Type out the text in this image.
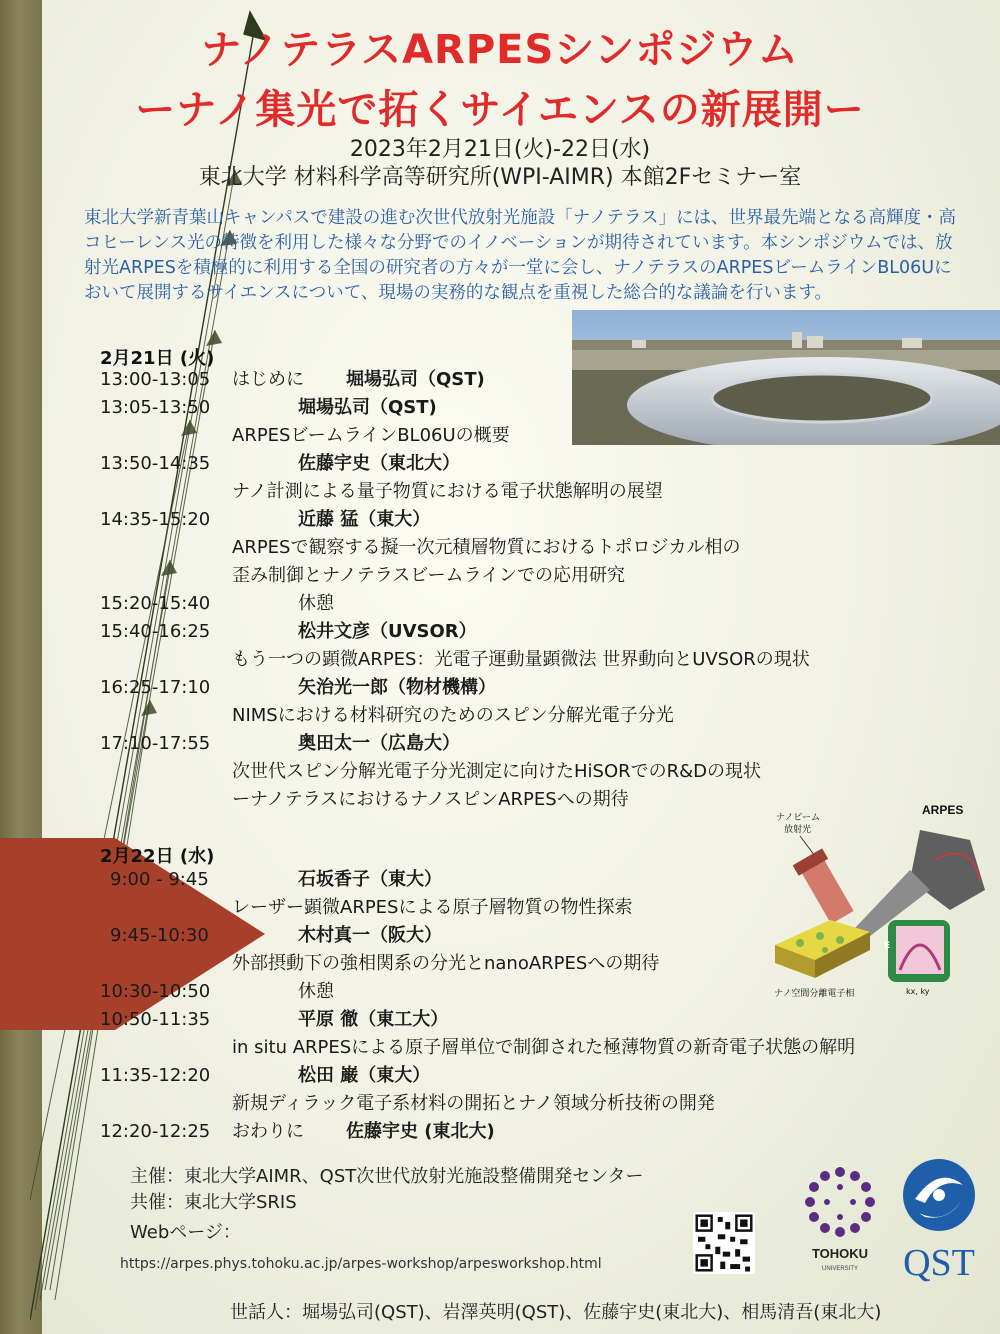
ナノテラスARPESシンポジウム
ーナノ集光で拓くサイエンスの新展開ー
2023年2月21日(火)-22日(水)
東北大学 材料科学高等研究所(WPI-AIMR) 本館2Fセミナー室
東北大学新青葉山キャンパスで建設の進む次世代放射光施設「ナノテラス」には、世界最先端となる高輝度・高コヒーレンス光の特徴を利用した様々な分野でのイノベーションが期待されています。本シンポジウムでは、放射光ARPESを積極的に利用する全国の研究者の方々が一堂に会し、ナノテラスのARPESビームラインBL06Uにおいて展開するサイエンスについて、現場の実務的な観点を重視した総合的な議論を行います。
2月21日 (火)
13:00-13:05 はじめに 堀場弘司（QST)
13:05-13:50	堀場弘司（QST)
ARPESビームラインBL06Uの概要
13:50-14:35	佐藤宇史（東北大）
ナノ計測による量子物質における電子状態解明の展望
14:35-15:20	近藤 猛（東大）
ARPESで観察する擬一次元積層物質におけるトポロジカル相の
歪み制御とナノテラスビームラインでの応用研究
15:20-15:40	休憩
15:40-16:25	松井文彦（UVSOR）
もう一つの顕微ARPES：光電子運動量顕微法 世界動向とUVSORの現状
16:25-17:10	矢治光一郎（物材機構）
NIMSにおける材料研究のためのスピン分解光電子分光
17:10-17:55	奥田太一（広島大）
次世代スピン分解光電子分光測定に向けたHiSORでのR&Dの現状
ーナノテラスにおけるナノスピンARPESへの期待
2月22日 (水)
9:00 - 9:45	石坂香子（東大）
レーザー顕微ARPESによる原子層物質の物性探索
9:45-10:30	木村真一（阪大）
外部摂動下の強相関系の分光とnanoARPESへの期待
10:30-10:50	休憩
10:50-11:35	平原 徹（東工大）
in situ ARPESによる原子層単位で制御された極薄物質の新奇電子状態の解明
11:35-12:20	松田 巌（東大）
新規ディラック電子系材料の開拓とナノ領域分析技術の開発
12:20-12:25 おわりに 佐藤宇史 (東北大)
ARPES
ナノビーム
放射光
E
kx, ky
ナノ空間分離電子相
主催：東北大学AIMR、QST次世代放射光施設整備開発センター
共催：東北大学SRIS
Webページ：
https://arpes.phys.tohoku.ac.jp/arpes-workshop/arpesworkshop.html
世話人：堀場弘司(QST)、岩澤英明(QST)、佐藤宇史(東北大)、相馬清吾(東北大)
TOHOKU
UNIVERSITY QST
